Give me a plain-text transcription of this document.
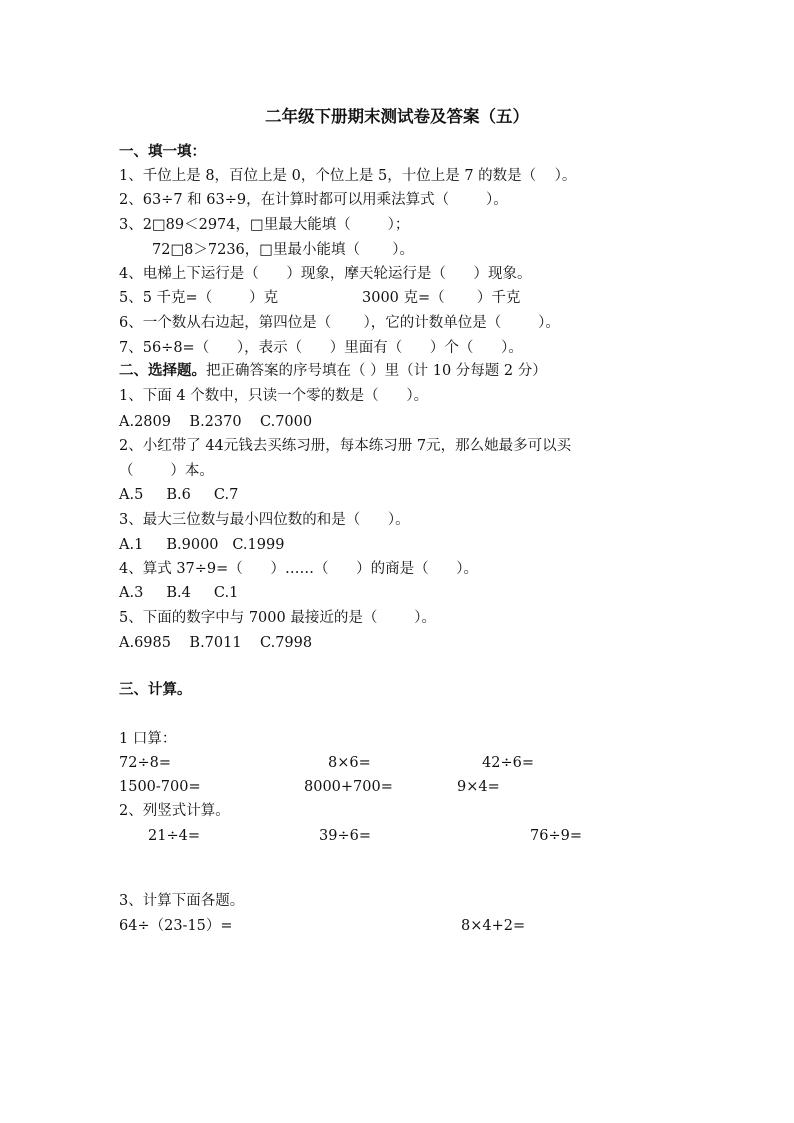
二年级下册期末测试卷及答案（五）
一、填一填：
1、千位上是 8，百位上是 0，个位上是 5，十位上是 7 的数是（    ）。
2、63÷7 和 63÷9，在计算时都可以用乘法算式（        ）。
3、2□89＜2974，□里最大能填（        ）；
72□8＞7236，□里最小能填（       ）。
4、电梯上下运行是（      ）现象，摩天轮运行是（      ）现象。
5、5 千克=（        ）克	3000 克=（       ）千克
6、一个数从右边起，第四位是（       ），它的计数单位是（        ）。
7、56÷8=（      ），表示（      ）里面有（      ）个（      ）。
二、选择题。把正确答案的序号填在（ ）里（计 10 分每题 2 分）
1、下面 4 个数中，只读一个零的数是（      ）。
A.2809    B.2370    C.7000
2、小红带了 44元钱去买练习册，每本练习册 7元，那么她最多可以买
（        ）本。
A.5     B.6     C.7
3、最大三位数与最小四位数的和是（      ）。
A.1     B.9000   C.1999
4、算式 37÷9=（      ）……（      ）的商是（      ）。
A.3     B.4     C.1
5、下面的数字中与 7000 最接近的是（        ）。
A.6985    B.7011    C.7998
三、计算。
1 口算：
72÷8=	8×6=	42÷6=
1500-700=	8000+700=	9×4=
2、列竖式计算。
21÷4=	39÷6=	76÷9=
3、计算下面各题。
64÷（23-15）=	8×4+2=
